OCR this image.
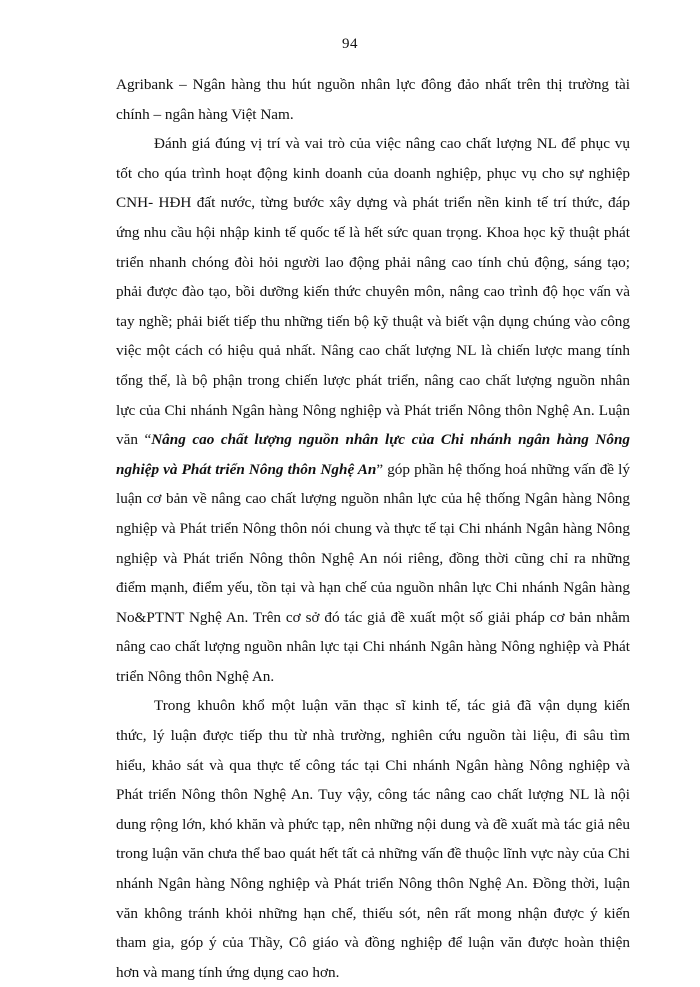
94
Agribank – Ngân hàng thu hút nguồn nhân lực đông đảo nhất trên thị trường tài
chính – ngân hàng Việt Nam.
Đánh giá đúng vị trí và vai trò của việc nâng cao chất lượng NL để phục vụ
tốt cho qúa trình hoạt động kinh doanh của doanh nghiệp, phục vụ cho sự nghiệp
CNH- HĐH đất nước, từng bước xây dựng và phát triển nền kinh tế trí thức, đáp
ứng nhu cầu hội nhập kinh tế quốc tế là hết sức quan trọng. Khoa học kỹ thuật phát
triển nhanh chóng đòi hỏi người lao động phải nâng cao tính chủ động, sáng tạo;
phải được đào tạo, bồi dưỡng kiến thức chuyên môn, nâng cao trình độ học vấn và
tay nghề; phải biết tiếp thu những tiến bộ kỹ thuật và biết vận dụng chúng vào công
việc một cách có hiệu quả nhất. Nâng cao chất lượng NL là chiến lược mang tính
tổng thể, là bộ phận trong chiến lược phát triển, nâng cao chất lượng nguồn nhân
lực của Chi nhánh Ngân hàng Nông nghiệp và Phát triển Nông thôn Nghệ An. Luận
văn “Nâng cao chất lượng nguồn nhân lực của Chi nhánh ngân hàng Nông
nghiệp và Phát triển Nông thôn Nghệ An” góp phần hệ thống hoá những vấn đề lý
luận cơ bản về nâng cao chất lượng nguồn nhân lực của hệ thống Ngân hàng Nông
nghiệp và Phát triển Nông thôn nói chung và thực tế tại Chi nhánh Ngân hàng Nông
nghiệp và Phát triển Nông thôn Nghệ An nói riêng, đồng thời cũng chỉ ra những
điểm mạnh, điểm yếu, tồn tại và hạn chế của nguồn nhân lực Chi nhánh Ngân hàng
No&PTNT Nghệ An. Trên cơ sở đó tác giả đề xuất một số giải pháp cơ bản nhằm
nâng cao chất lượng nguồn nhân lực tại Chi nhánh Ngân hàng Nông nghiệp và Phát
triển Nông thôn Nghệ An.
Trong khuôn khổ một luận văn thạc sĩ kinh tế, tác giả đã vận dụng kiến
thức, lý luận được tiếp thu từ nhà trường, nghiên cứu nguồn tài liệu, đi sâu tìm
hiểu, khảo sát và qua thực tế công tác tại Chi nhánh Ngân hàng Nông nghiệp và
Phát triển Nông thôn Nghệ An. Tuy vậy, công tác nâng cao chất lượng NL là nội
dung rộng lớn, khó khăn và phức tạp, nên những nội dung và đề xuất mà tác giả nêu
trong luận văn chưa thể bao quát hết tất cả những vấn đề thuộc lĩnh vực này của Chi
nhánh Ngân hàng Nông nghiệp và Phát triển Nông thôn Nghệ An. Đồng thời, luận
văn không tránh khỏi những hạn chế, thiếu sót, nên rất mong nhận được ý kiến
tham gia, góp ý của Thầy, Cô giáo và đồng nghiệp để luận văn được hoàn thiện
hơn và mang tính ứng dụng cao hơn.
